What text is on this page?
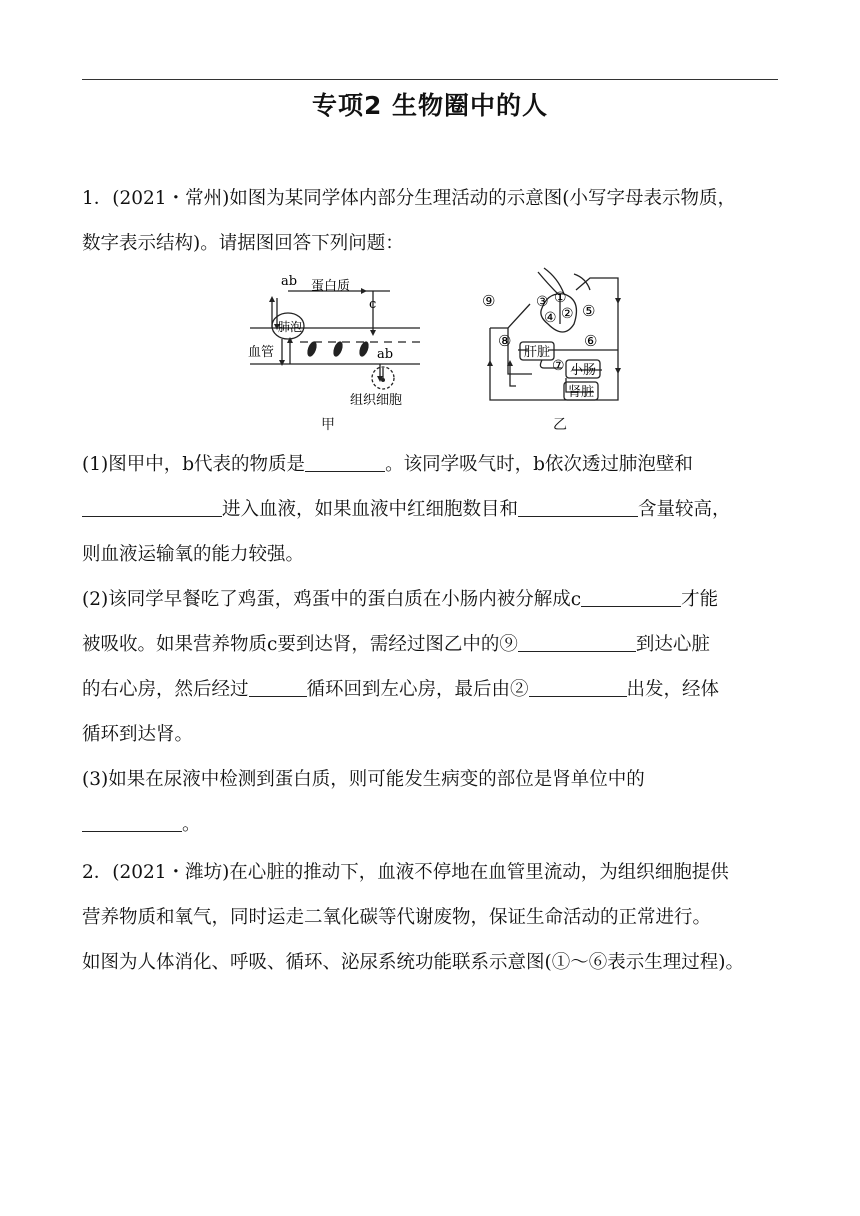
专项2 生物圈中的人
1．(2021・常州)如图为某同学体内部分生理活动的示意图(小写字母表示物质，
数字表示结构)。请据图回答下列问题：
ab 蛋白质
c
肺泡
血管	ab
组织细胞
甲
⑨	③ ①
④ ② ⑤
⑧	⑥
⑦
肝脏
小肠
肾脏
乙
(1)图甲中，b代表的物质是	。该同学吸气时，b依次透过肺泡壁和
进入血液，如果血液中红细胞数目和	含量较高，
则血液运输氧的能力较强。
(2)该同学早餐吃了鸡蛋，鸡蛋中的蛋白质在小肠内被分解成c	才能
被吸收。如果营养物质c要到达肾，需经过图乙中的⑨	到达心脏
的右心房，然后经过	循环回到左心房，最后由②	出发，经体
循环到达肾。
(3)如果在尿液中检测到蛋白质，则可能发生病变的部位是肾单位中的
。
2．(2021・潍坊)在心脏的推动下，血液不停地在血管里流动，为组织细胞提供
营养物质和氧气，同时运走二氧化碳等代谢废物，保证生命活动的正常进行。
如图为人体消化、呼吸、循环、泌尿系统功能联系示意图(①～⑥表示生理过程)。
